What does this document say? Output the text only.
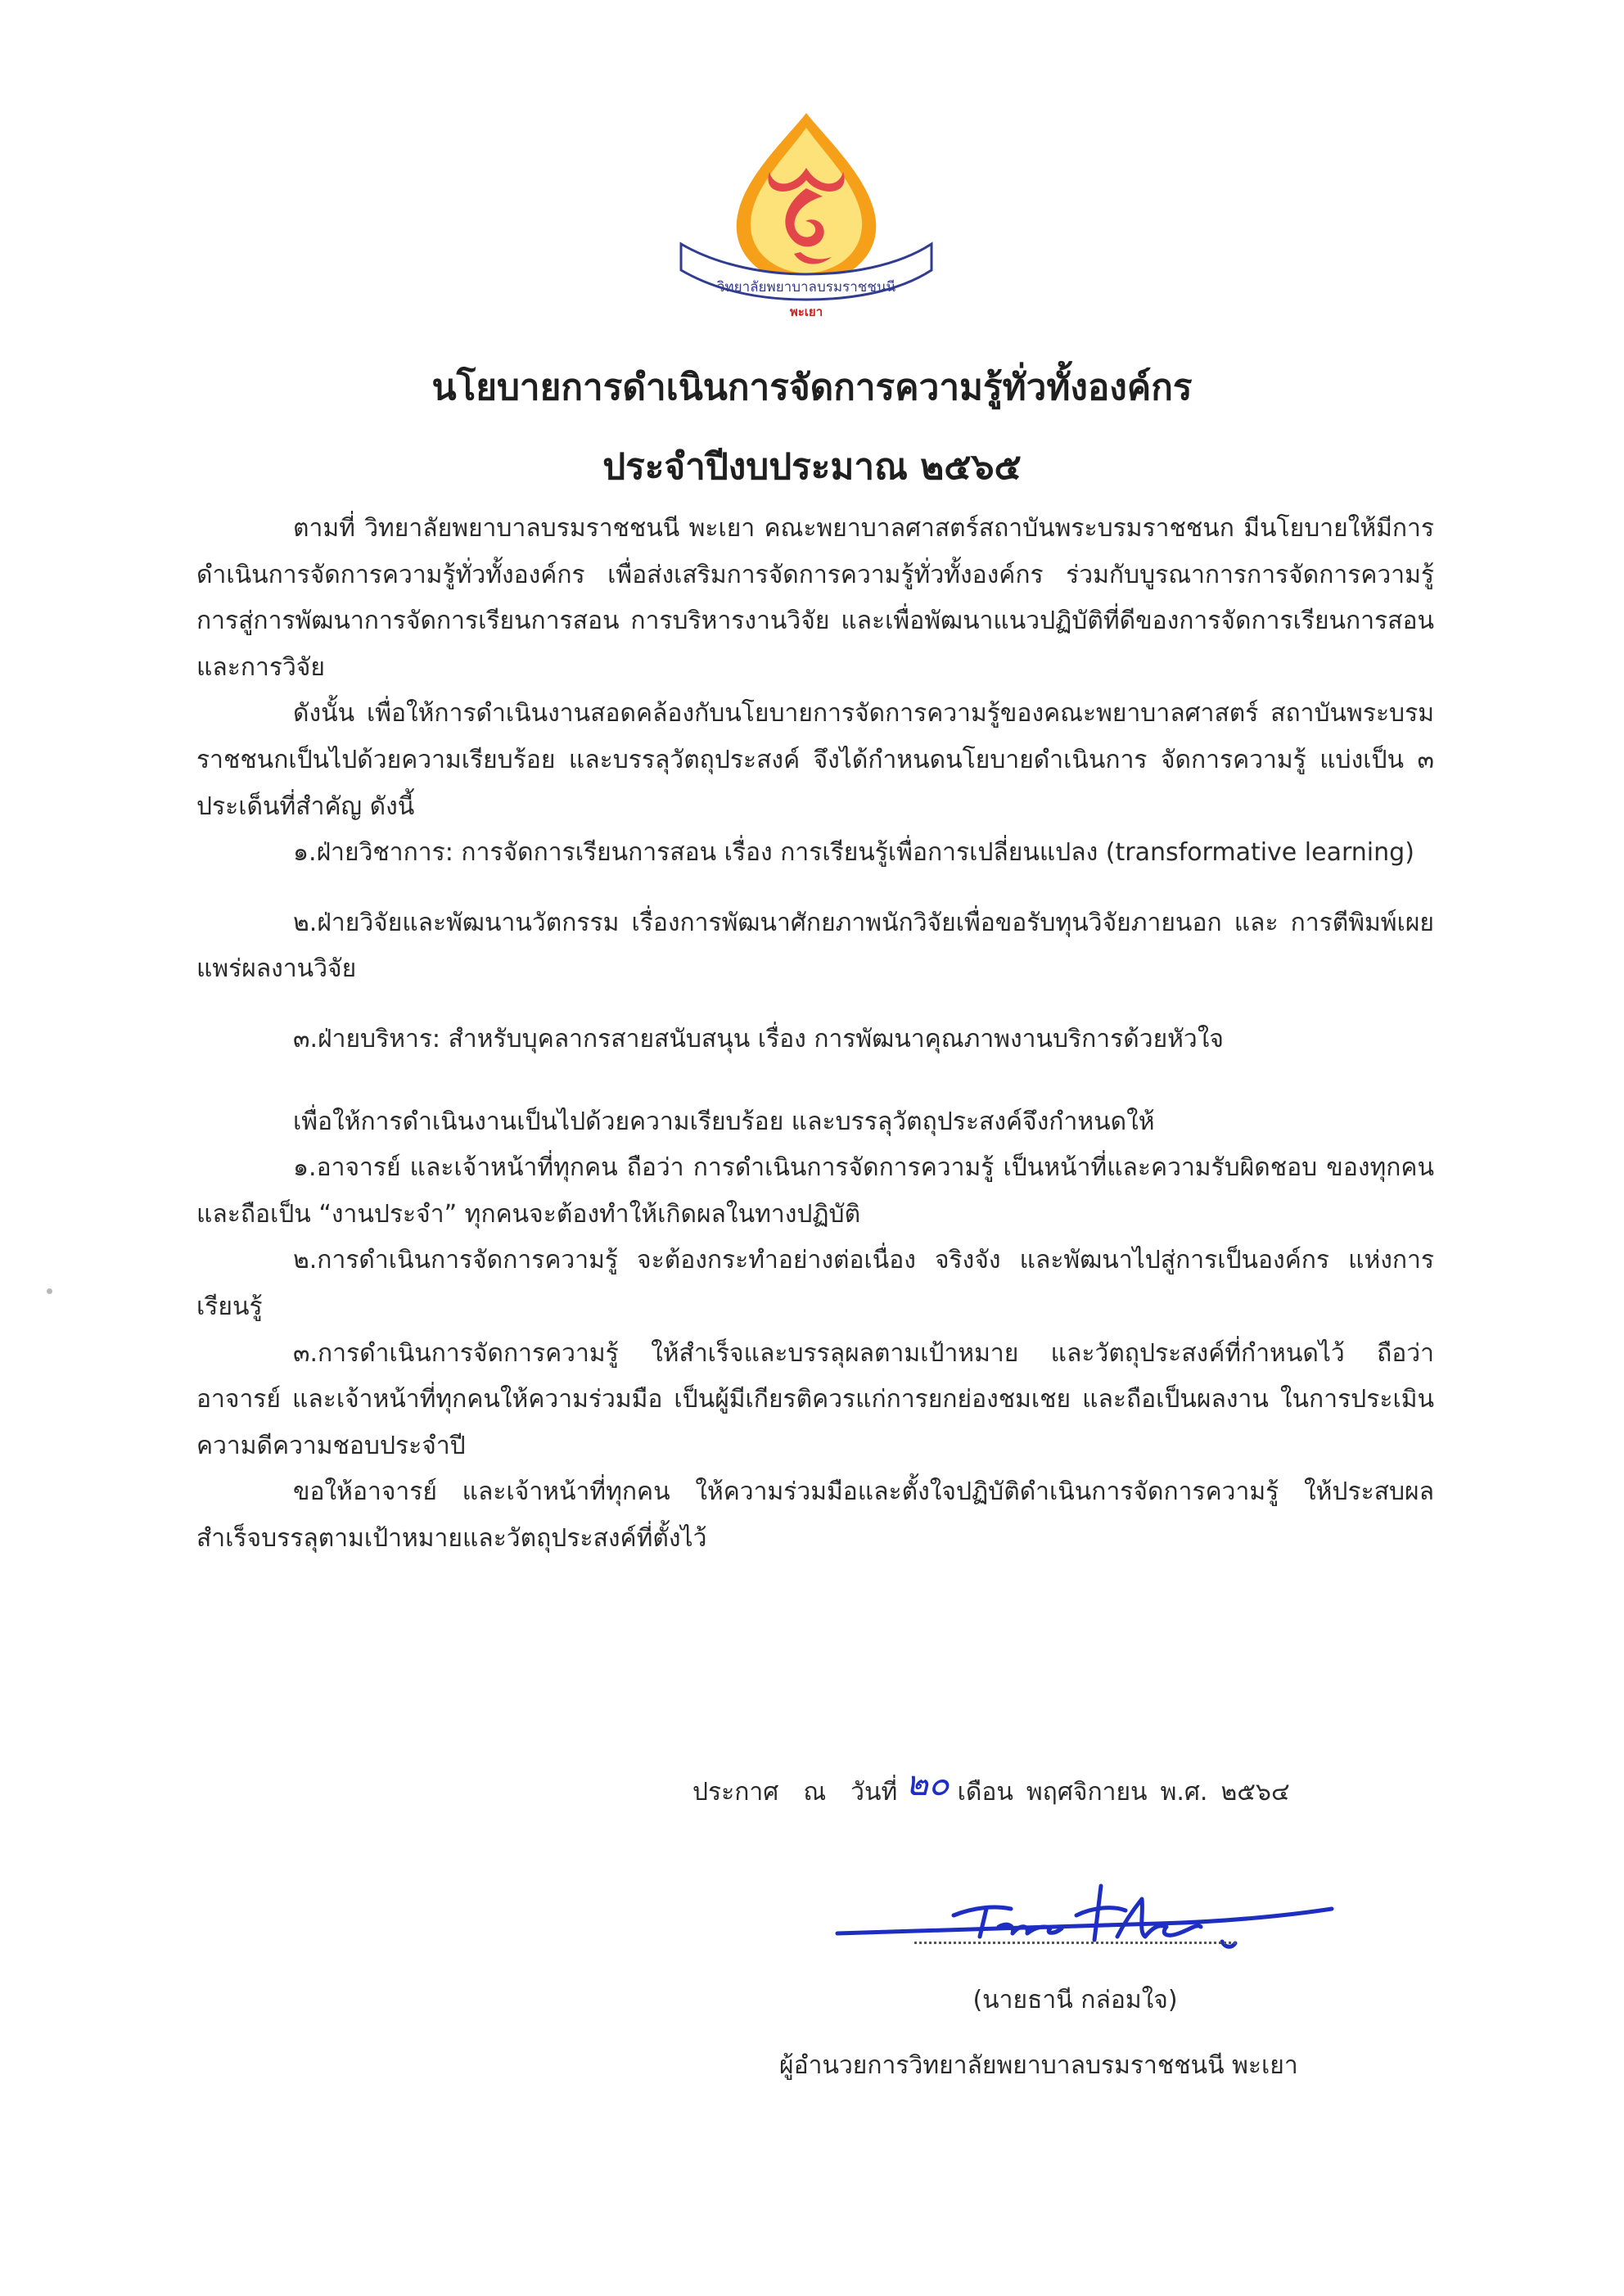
วิทยาลัยพยาบาลบรมราชชนนี
พะเยา
นโยบายการดำเนินการจัดการความรู้ทั่วทั้งองค์กร
ประจำปีงบประมาณ ๒๕๖๕

ตามที่ วิทยาลัยพยาบาลบรมราชชนนี พะเยา คณะพยาบาลศาสตร์สถาบันพระบรมราชชนก มีนโยบายให้มีการดำเนินการจัดการความรู้ทั่วทั้งองค์กร เพื่อส่งเสริมการจัดการความรู้ทั่วทั้งองค์กร ร่วมกับบูรณาการการจัดการความรู้การสู่การพัฒนาการจัดการเรียนการสอน การบริหารงานวิจัย และเพื่อพัฒนาแนวปฏิบัติที่ดีของการจัดการเรียนการสอนและการวิจัย

ดังนั้น เพื่อให้การดำเนินงานสอดคล้องกับนโยบายการจัดการความรู้ของคณะพยาบาลศาสตร์ สถาบันพระบรมราชชนกเป็นไปด้วยความเรียบร้อย และบรรลุวัตถุประสงค์ จึงได้กำหนดนโยบายดำเนินการ จัดการความรู้ แบ่งเป็น ๓ ประเด็นที่สำคัญ ดังนี้

๑.ฝ่ายวิชาการ: การจัดการเรียนการสอน เรื่อง การเรียนรู้เพื่อการเปลี่ยนแปลง (transformative learning)

๒.ฝ่ายวิจัยและพัฒนานวัตกรรม เรื่องการพัฒนาศักยภาพนักวิจัยเพื่อขอรับทุนวิจัยภายนอก และ การตีพิมพ์เผยแพร่ผลงานวิจัย

๓.ฝ่ายบริหาร: สำหรับบุคลากรสายสนับสนุน เรื่อง การพัฒนาคุณภาพงานบริการด้วยหัวใจ

เพื่อให้การดำเนินงานเป็นไปด้วยความเรียบร้อย และบรรลุวัตถุประสงค์จึงกำหนดให้

๑.อาจารย์ และเจ้าหน้าที่ทุกคน ถือว่า การดำเนินการจัดการความรู้ เป็นหน้าที่และความรับผิดชอบ ของทุกคน และถือเป็น “งานประจำ” ทุกคนจะต้องทำให้เกิดผลในทางปฏิบัติ

๒.การดำเนินการจัดการความรู้ จะต้องกระทำอย่างต่อเนื่อง จริงจัง และพัฒนาไปสู่การเป็นองค์กร แห่งการเรียนรู้

๓.การดำเนินการจัดการความรู้ ให้สำเร็จและบรรลุผลตามเป้าหมาย และวัตถุประสงค์ที่กำหนดไว้ ถือว่า อาจารย์ และเจ้าหน้าที่ทุกคนให้ความร่วมมือ เป็นผู้มีเกียรติควรแก่การยกย่องชมเชย และถือเป็นผลงาน ในการประเมินความดีความชอบประจำปี

ขอให้อาจารย์ และเจ้าหน้าที่ทุกคน ให้ความร่วมมือและตั้งใจปฏิบัติดำเนินการจัดการความรู้ ให้ประสบผลสำเร็จบรรลุตามเป้าหมายและวัตถุประสงค์ที่ตั้งไว้

ประกาศ ณ วันที่ ๒๐ เดือน พฤศจิกายน พ.ศ. ๒๕๖๔
(นายธานี กล่อมใจ)
ผู้อำนวยการวิทยาลัยพยาบาลบรมราชชนนี พะเยา
